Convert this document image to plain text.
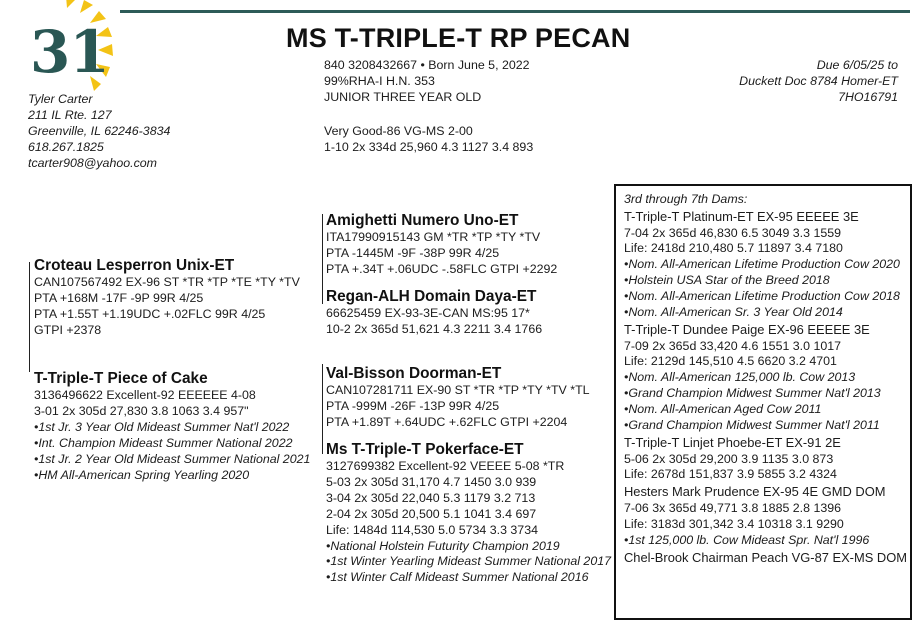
31	MS T-TRIPLE-T RP PECAN
840 3208432667 • Born June 5, 2022
99%RHA-I H.N. 353
JUNIOR THREE YEAR OLD
Very Good-86 VG-MS 2-00
1-10 2x 334d 25,960 4.3 1127 3.4 893
Tyler Carter
211 IL Rte. 127
Greenville, IL 62246-3834
618.267.1825
tcarter908@yahoo.com
Due 6/05/25 to
Duckett Doc 8784 Homer-ET
7HO16791
Croteau Lesperron Unix-ET
CAN107567492 EX-96 ST *TR *TP *TE *TY *TV
PTA +168M -17F -9P 99R 4/25
PTA +1.55T +1.19UDC +.02FLC 99R 4/25
GTPI +2378
T-Triple-T Piece of Cake
3136496622 Excellent-92 EEEEEE 4-08
3-01 2x 305d 27,830 3.8 1063 3.4 957"
•1st Jr. 3 Year Old Mideast Summer Nat'l 2022
•Int. Champion Mideast Summer National 2022
•1st Jr. 2 Year Old Mideast Summer National 2021
•HM All-American Spring Yearling 2020
Amighetti Numero Uno-ET
ITA17990915143 GM *TR *TP *TY *TV
PTA -1445M -9F -38P 99R 4/25
PTA +.34T +.06UDC -.58FLC GTPI +2292
Regan-ALH Domain Daya-ET
66625459 EX-93-3E-CAN MS:95 17*
10-2 2x 365d 51,621 4.3 2211 3.4 1766
Val-Bisson Doorman-ET
CAN107281711 EX-90 ST *TR *TP *TY *TV *TL
PTA -999M -26F -13P 99R 4/25
PTA +1.89T +.64UDC +.62FLC GTPI +2204
Ms T-Triple-T Pokerface-ET
3127699382 Excellent-92 VEEEE 5-08 *TR
5-03 2x 305d 31,170 4.7 1450 3.0 939
3-04 2x 305d 22,040 5.3 1179 3.2 713
2-04 2x 305d 20,500 5.1 1041 3.4 697
Life: 1484d 114,530 5.0 5734 3.3 3734
•National Holstein Futurity Champion 2019
•1st Winter Yearling Mideast Summer National 2017
•1st Winter Calf Mideast Summer National 2016
3rd through 7th Dams:
T-Triple-T Platinum-ET EX-95 EEEEE 3E
7-04 2x 365d 46,830 6.5 3049 3.3 1559
Life: 2418d 210,480 5.7 11897 3.4 7180
•Nom. All-American Lifetime Production Cow 2020
•Holstein USA Star of the Breed 2018
•Nom. All-American Lifetime Production Cow 2018
•Nom. All-American Sr. 3 Year Old 2014
T-Triple-T Dundee Paige EX-96 EEEEE 3E
7-09 2x 365d 33,420 4.6 1551 3.0 1017
Life: 2129d 145,510 4.5 6620 3.2 4701
•Nom. All-American 125,000 lb. Cow 2013
•Grand Champion Midwest Summer Nat'l 2013
•Nom. All-American Aged Cow 2011
•Grand Champion Midwest Summer Nat'l 2011
T-Triple-T Linjet Phoebe-ET EX-91 2E
5-06 2x 305d 29,200 3.9 1135 3.0 873
Life: 2678d 151,837 3.9 5855 3.2 4324
Hesters Mark Prudence EX-95 4E GMD DOM
7-06 3x 365d 49,771 3.8 1885 2.8 1396
Life: 3183d 301,342 3.4 10318 3.1 9290
•1st 125,000 lb. Cow Mideast Spr. Nat'l 1996
Chel-Brook Chairman Peach VG-87 EX-MS DOM
